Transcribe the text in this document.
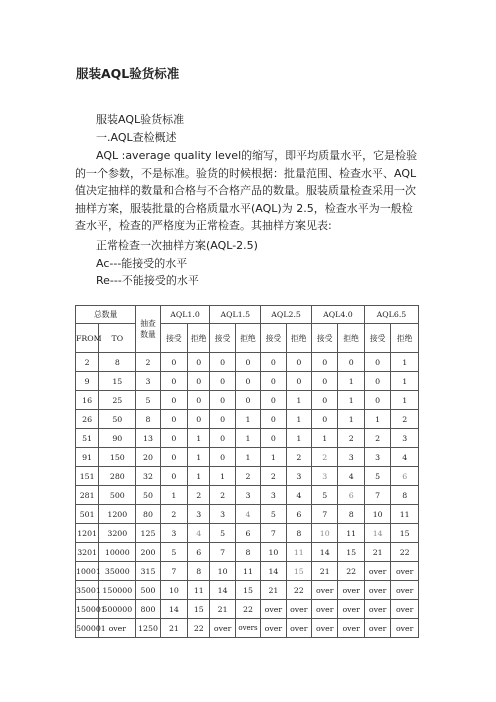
服装AQL验货标准
服装AQL验货标准
一.AQL查检概述
AQL :average quality level的缩写，即平均质量水平，它是检验的一个参数，不是标准。验货的时候根据：批量范围、检查水平、AQL 值决定抽样的数量和合格与不合格产品的数量。服装质量检查采用一次抽样方案，服装批量的合格质量水平(AQL)为 2.5，检查水平为一般检查水平，检查的严格度为正常检查。其抽样方案见表:
正常检查一次抽样方案(AQL-2.5)
Ac---能接受的水平
Re---不能接受的水平
总数量		抽查数量	AQL1.0		AQL1.5		AQL2.5		AQL4.0		AQL6.5	
FROM	TO		接受	拒绝	接受	拒绝	接受	拒绝	接受	拒绝	接受	拒绝
2	8	2	0	0	0	0	0	0	0	0	0	1
9	15	3	0	0	0	0	0	0	0	1	0	1
16	25	5	0	0	0	0	0	1	0	1	0	1
26	50	8	0	0	0	1	0	1	0	1	1	2
51	90	13	0	1	0	1	0	1	1	2	2	3
91	150	20	0	1	0	1	1	2	2	3	3	4
151	280	32	0	1	1	2	2	3	3	4	5	6
281	500	50	1	2	2	3	3	4	5	6	7	8
501	1200	80	2	3	3	4	5	6	7	8	10	11
1201	3200	125	3	4	5	6	7	8	10	11	14	15
3201	10000	200	5	6	7	8	10	11	14	15	21	22
10001	35000	315	7	8	10	11	14	15	21	22	over	over
35001	150000	500	10	11	14	15	21	22	over	over	over	over
150001	500000	800	14	15	21	22	over	over	over	over	over	over
500001	over	1250	21	22	over	overs	over	over	over	over	over	over
